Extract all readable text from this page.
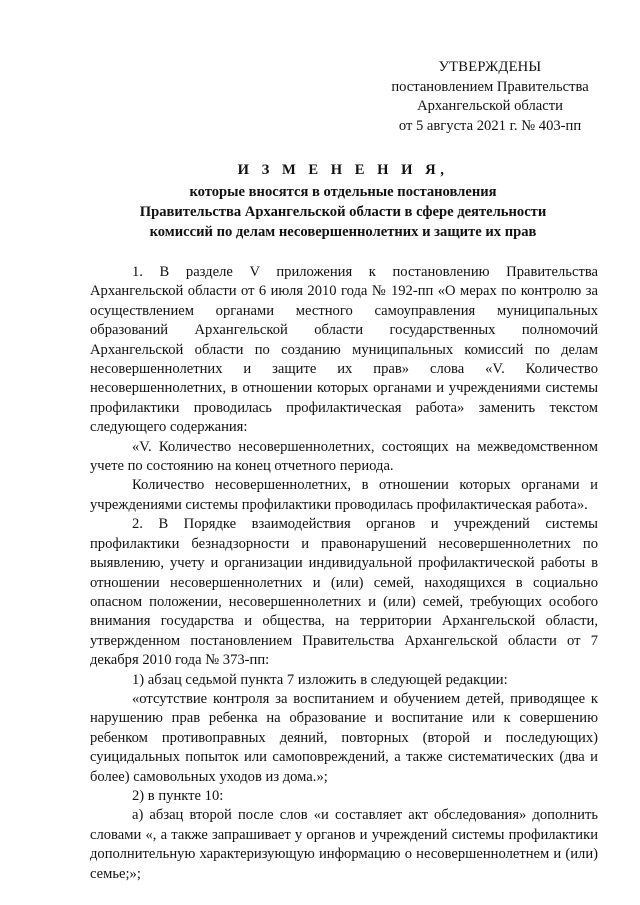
УТВЕРЖДЕНЫ
постановлением Правительства
Архангельской области
от 5 августа 2021 г. № 403-пп
И З М Е Н Е Н И Я,
которые вносятся в отдельные постановления
Правительства Архангельской области в сфере деятельности
комиссий по делам несовершеннолетних и защите их прав

1. В разделе V приложения к постановлению Правительства Архангельской области от 6 июля 2010 года № 192-пп «О мерах по контролю за осуществлением органами местного самоуправления муниципальных образований Архангельской области государственных полномочий Архангельской области по созданию муниципальных комиссий по делам несовершеннолетних и защите их прав» слова «V. Количество несовершеннолетних, в отношении которых органами и учреждениями системы профилактики проводилась профилактическая работа» заменить текстом следующего содержания:

«V. Количество несовершеннолетних, состоящих на межведомственном учете по состоянию на конец отчетного периода.

Количество несовершеннолетних, в отношении которых органами и учреждениями системы профилактики проводилась профилактическая работа».

2. В Порядке взаимодействия органов и учреждений системы профилактики безнадзорности и правонарушений несовершеннолетних по выявлению, учету и организации индивидуальной профилактической работы в отношении несовершеннолетних и (или) семей, находящихся в социально опасном положении, несовершеннолетних и (или) семей, требующих особого внимания государства и общества, на территории Архангельской области, утвержденном постановлением Правительства Архангельской области от 7 декабря 2010 года № 373-пп:

1) абзац седьмой пункта 7 изложить в следующей редакции:

«отсутствие контроля за воспитанием и обучением детей, приводящее к нарушению прав ребенка на образование и воспитание или к совершению ребенком противоправных деяний, повторных (второй и последующих) суицидальных попыток или самоповреждений, а также систематических (два и более) самовольных уходов из дома.»;

2) в пункте 10:

а) абзац второй после слов «и составляет акт обследования» дополнить словами «, а также запрашивает у органов и учреждений системы профилактики дополнительную характеризующую информацию о несовершеннолетнем и (или) семье;»;
